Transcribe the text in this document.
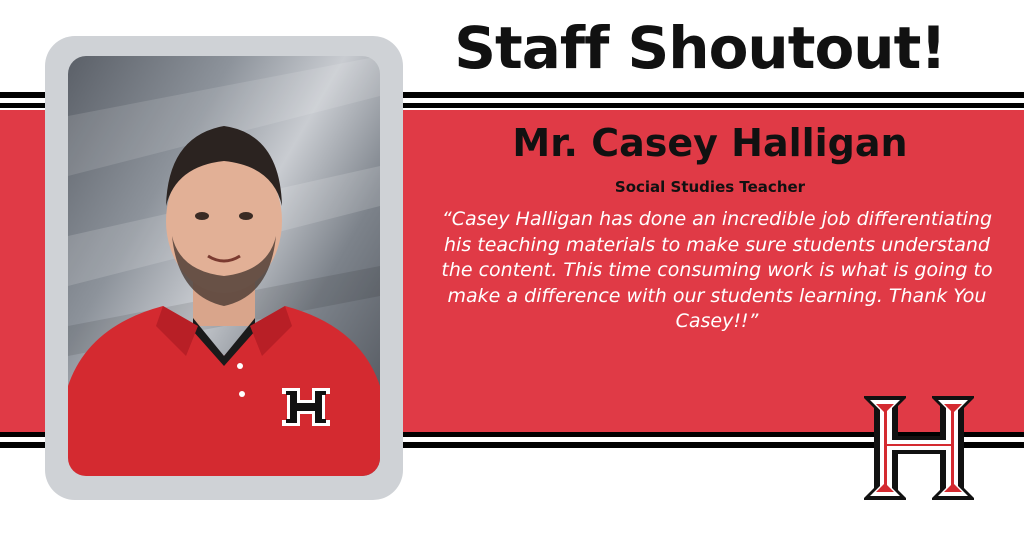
Staff Shoutout!
Mr. Casey Halligan
Social Studies Teacher
“Casey Halligan has done an incredible job differentiating his teaching materials to make sure students understand the content. This time consuming work is what is going to make a difference with our students learning. Thank You Casey!!”
